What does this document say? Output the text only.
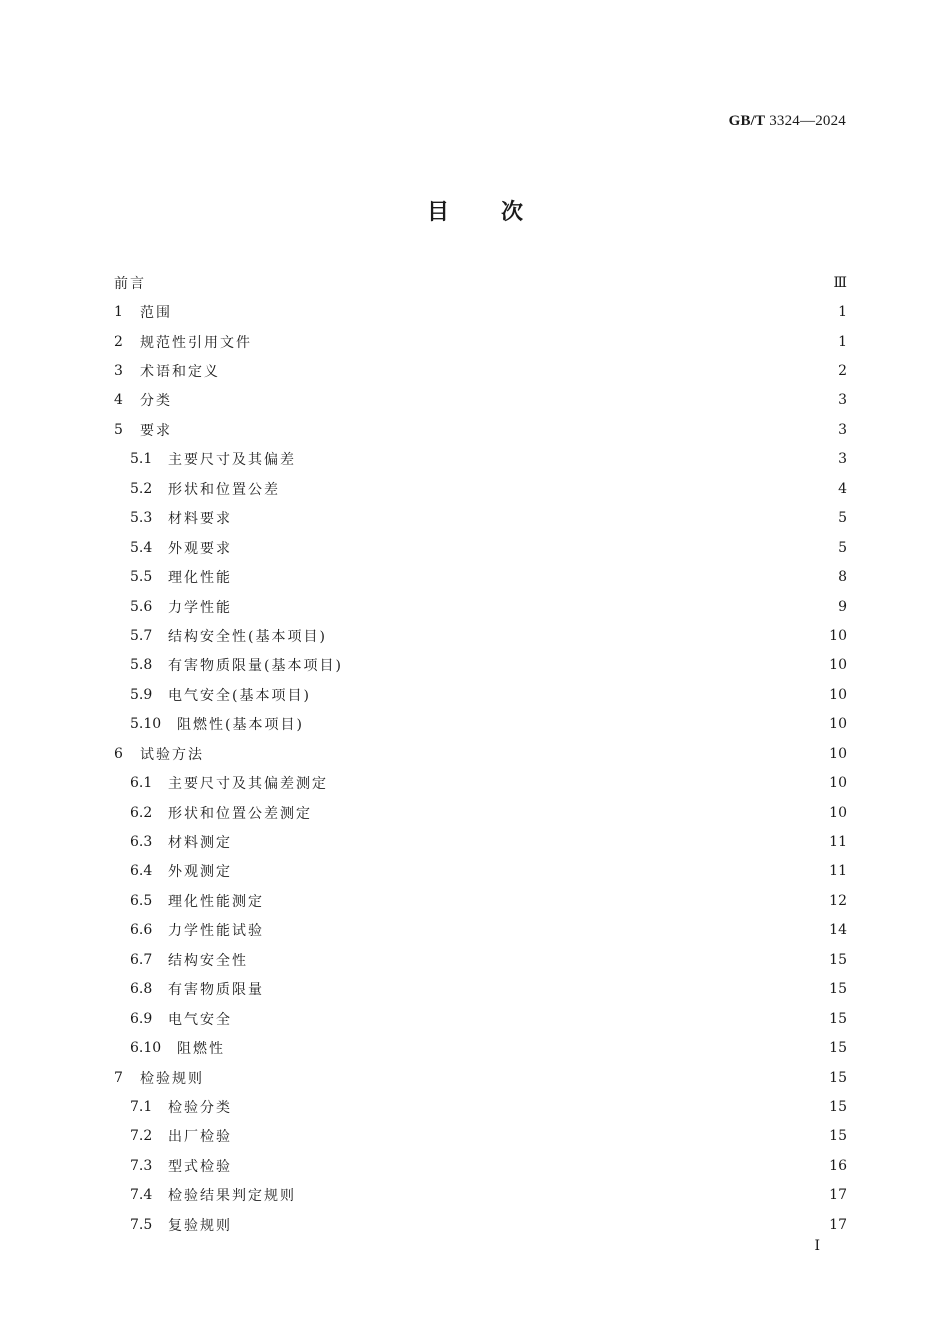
GB/T 3324—2024
目次
前言	Ⅲ
1	范围	1
2	规范性引用文件	1
3	术语和定义	2
4	分类	3
5	要求	3
5.1	主要尺寸及其偏差	3
5.2	形状和位置公差	4
5.3	材料要求	5
5.4	外观要求	5
5.5	理化性能	8
5.6	力学性能	9
5.7	结构安全性(基本项目)	10
5.8	有害物质限量(基本项目)	10
5.9	电气安全(基本项目)	10
5.10	阻燃性(基本项目)	10
6	试验方法	10
6.1	主要尺寸及其偏差测定	10
6.2	形状和位置公差测定	10
6.3	材料测定	11
6.4	外观测定	11
6.5	理化性能测定	12
6.6	力学性能试验	14
6.7	结构安全性	15
6.8	有害物质限量	15
6.9	电气安全	15
6.10	阻燃性	15
7	检验规则	15
7.1	检验分类	15
7.2	出厂检验	15
7.3	型式检验	16
7.4	检验结果判定规则	17
7.5	复验规则	17
Ⅰ
